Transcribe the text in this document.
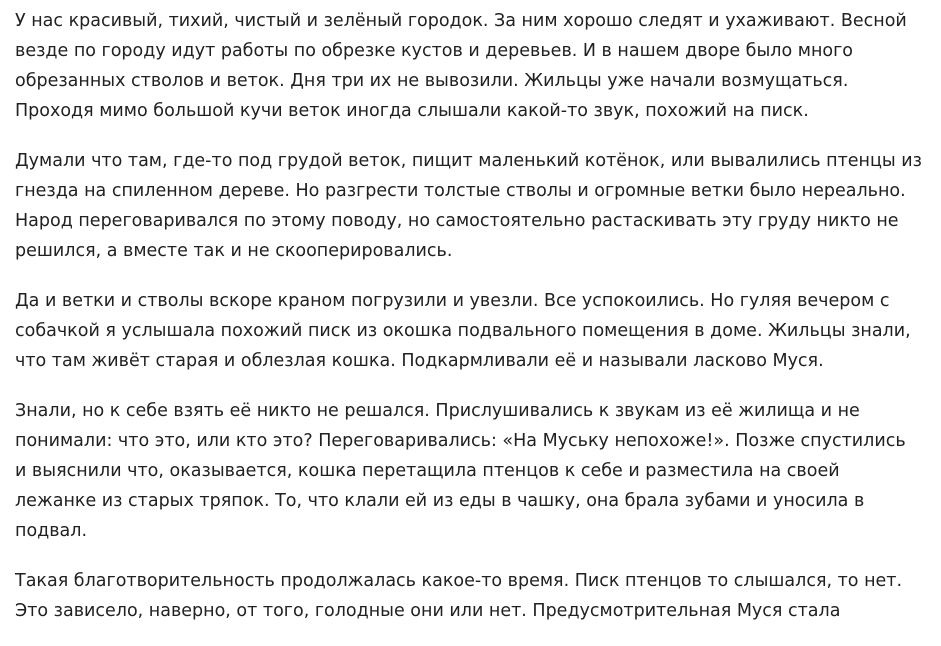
У нас красивый, тихий, чистый и зелёный городок. За ним хорошо следят и ухаживают. Весной
везде по городу идут работы по обрезке кустов и деревьев. И в нашем дворе было много
обрезанных стволов и веток. Дня три их не вывозили. Жильцы уже начали возмущаться.
Проходя мимо большой кучи веток иногда слышали какой-то звук, похожий на писк.

Думали что там, где-то под грудой веток, пищит маленький котёнок, или вывалились птенцы из
гнезда на спиленном дереве. Но разгрести толстые стволы и огромные ветки было нереально.
Народ переговаривался по этому поводу, но самостоятельно растаскивать эту груду никто не
решился, а вместе так и не скооперировались.

Да и ветки и стволы вскоре краном погрузили и увезли. Все успокоились. Но гуляя вечером с
собачкой я услышала похожий писк из окошка подвального помещения в доме. Жильцы знали,
что там живёт старая и облезлая кошка. Подкармливали её и называли ласково Муся.

Знали, но к себе взять её никто не решался. Прислушивались к звукам из её жилища и не
понимали: что это, или кто это? Переговаривались: «На Муську непохоже!». Позже спустились
и выяснили что, оказывается, кошка перетащила птенцов к себе и разместила на своей
лежанке из старых тряпок. То, что клали ей из еды в чашку, она брала зубами и уносила в
подвал.

Такая благотворительность продолжалась какое-то время. Писк птенцов то слышался, то нет.
Это зависело, наверно, от того, голодные они или нет. Предусмотрительная Муся стала
